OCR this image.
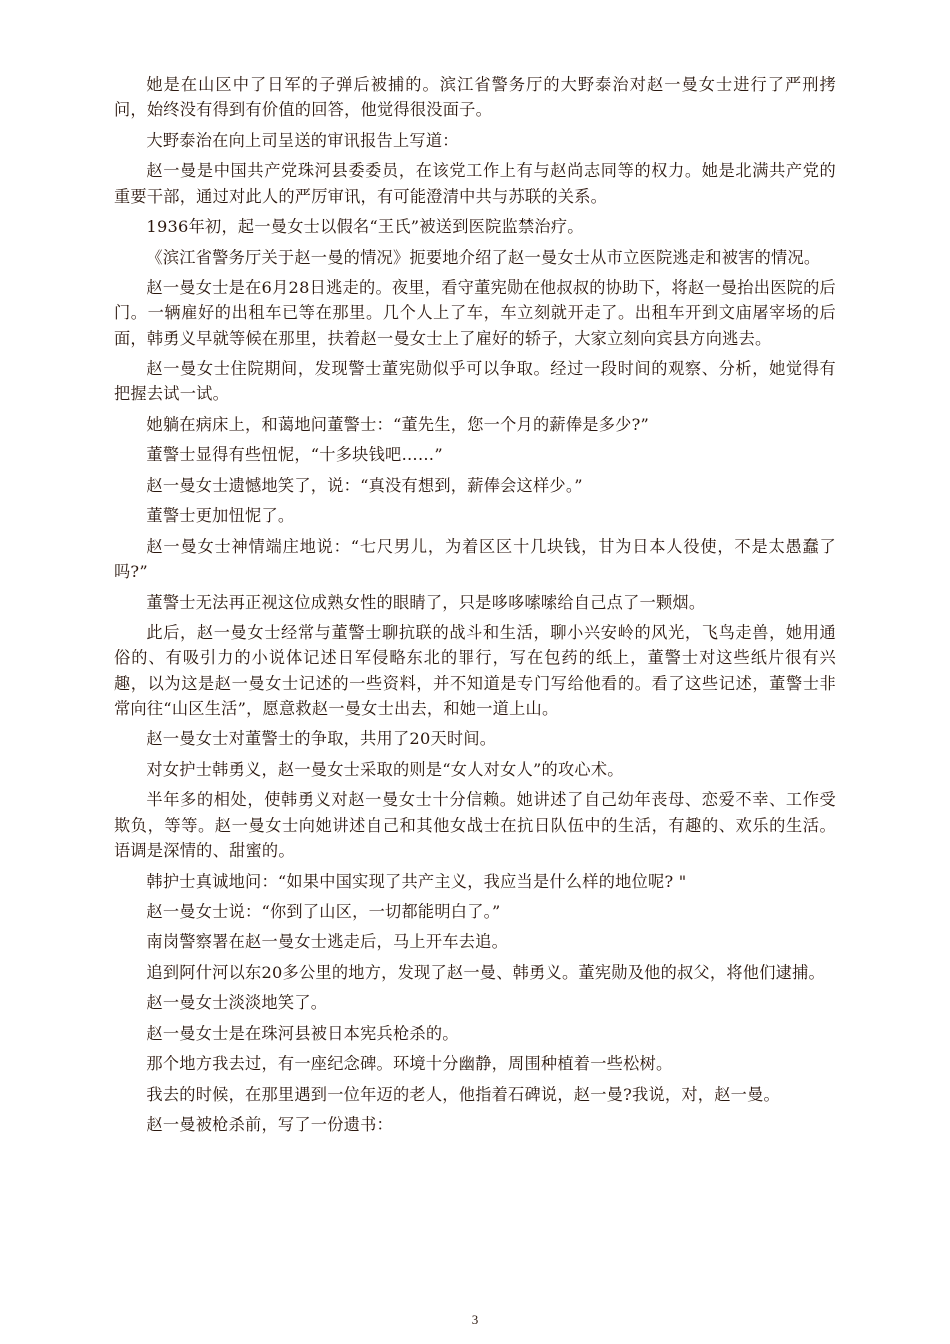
她是在山区中了日军的子弹后被捕的。滨江省警务厅的大野泰治对赵一曼女士进行了严刑拷问，始终没有得到有价值的回答，他觉得很没面子。

大野泰治在向上司呈送的审讯报告上写道：

赵一曼是中国共产党珠河县委委员，在该党工作上有与赵尚志同等的权力。她是北满共产党的重要干部，通过对此人的严厉审讯，有可能澄清中共与苏联的关系。

1936年初，起一曼女士以假名“王氏”被送到医院监禁治疗。

《滨江省警务厅关于赵一曼的情况》扼要地介绍了赵一曼女士从市立医院逃走和被害的情况。

赵一曼女士是在6月28日逃走的。夜里，看守董宪勋在他叔叔的协助下，将赵一曼抬出医院的后门。一辆雇好的出租车已等在那里。几个人上了车，车立刻就开走了。出租车开到文庙屠宰场的后面，韩勇义早就等候在那里，扶着赵一曼女士上了雇好的轿子，大家立刻向宾县方向逃去。

赵一曼女士住院期间，发现警士董宪勋似乎可以争取。经过一段时间的观察、分析，她觉得有把握去试一试。

她躺在病床上，和蔼地问董警士：“董先生，您一个月的薪俸是多少?”

董警士显得有些忸怩，“十多块钱吧……”

赵一曼女士遗憾地笑了，说：“真没有想到，薪俸会这样少。”

董警士更加忸怩了。

赵一曼女士神情端庄地说：“七尺男儿，为着区区十几块钱，甘为日本人役使，不是太愚蠢了吗?”

董警士无法再正视这位成熟女性的眼睛了，只是哆哆嗦嗦给自己点了一颗烟。

此后，赵一曼女士经常与董警士聊抗联的战斗和生活，聊小兴安岭的风光，飞鸟走兽，她用通俗的、有吸引力的小说体记述日军侵略东北的罪行，写在包药的纸上，董警士对这些纸片很有兴趣，以为这是赵一曼女士记述的一些资料，并不知道是专门写给他看的。看了这些记述，董警士非常向往“山区生活”，愿意救赵一曼女士出去，和她一道上山。

赵一曼女士对董警士的争取，共用了20天时间。

对女护士韩勇义，赵一曼女士采取的则是“女人对女人”的攻心术。

半年多的相处，使韩勇义对赵一曼女士十分信赖。她讲述了自己幼年丧母、恋爱不幸、工作受欺负，等等。赵一曼女士向她讲述自己和其他女战士在抗日队伍中的生活，有趣的、欢乐的生活。语调是深情的、甜蜜的。

韩护士真诚地问：“如果中国实现了共产主义，我应当是什么样的地位呢? "

赵一曼女士说：“你到了山区，一切都能明白了。”

南岗警察署在赵一曼女士逃走后，马上开车去追。

追到阿什河以东20多公里的地方，发现了赵一曼、韩勇义。董宪勋及他的叔父，将他们逮捕。

赵一曼女士淡淡地笑了。

赵一曼女士是在珠河县被日本宪兵枪杀的。

那个地方我去过，有一座纪念碑。环境十分幽静，周围种植着一些松树。

我去的时候，在那里遇到一位年迈的老人，他指着石碑说，赵一曼?我说，对，赵一曼。

赵一曼被枪杀前，写了一份遗书：

3
